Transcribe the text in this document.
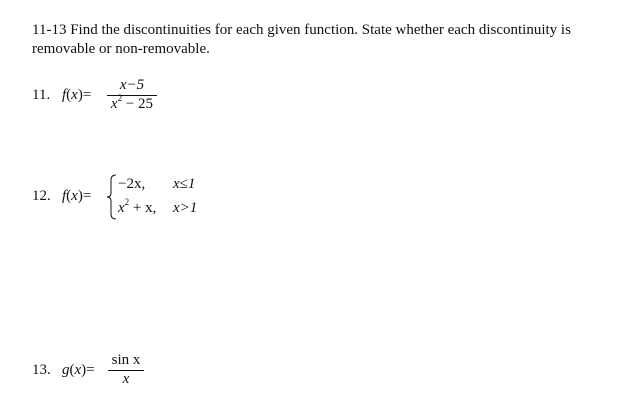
11-13 Find the discontinuities for each given function. State whether each discontinuity is removable or non-removable.
11. f(x)=
x−5
$x^2 - 25$
12. f(x)=
−2x, x≤1
$x^2 + x$, x>1
13. g(x)=
sin x
x
